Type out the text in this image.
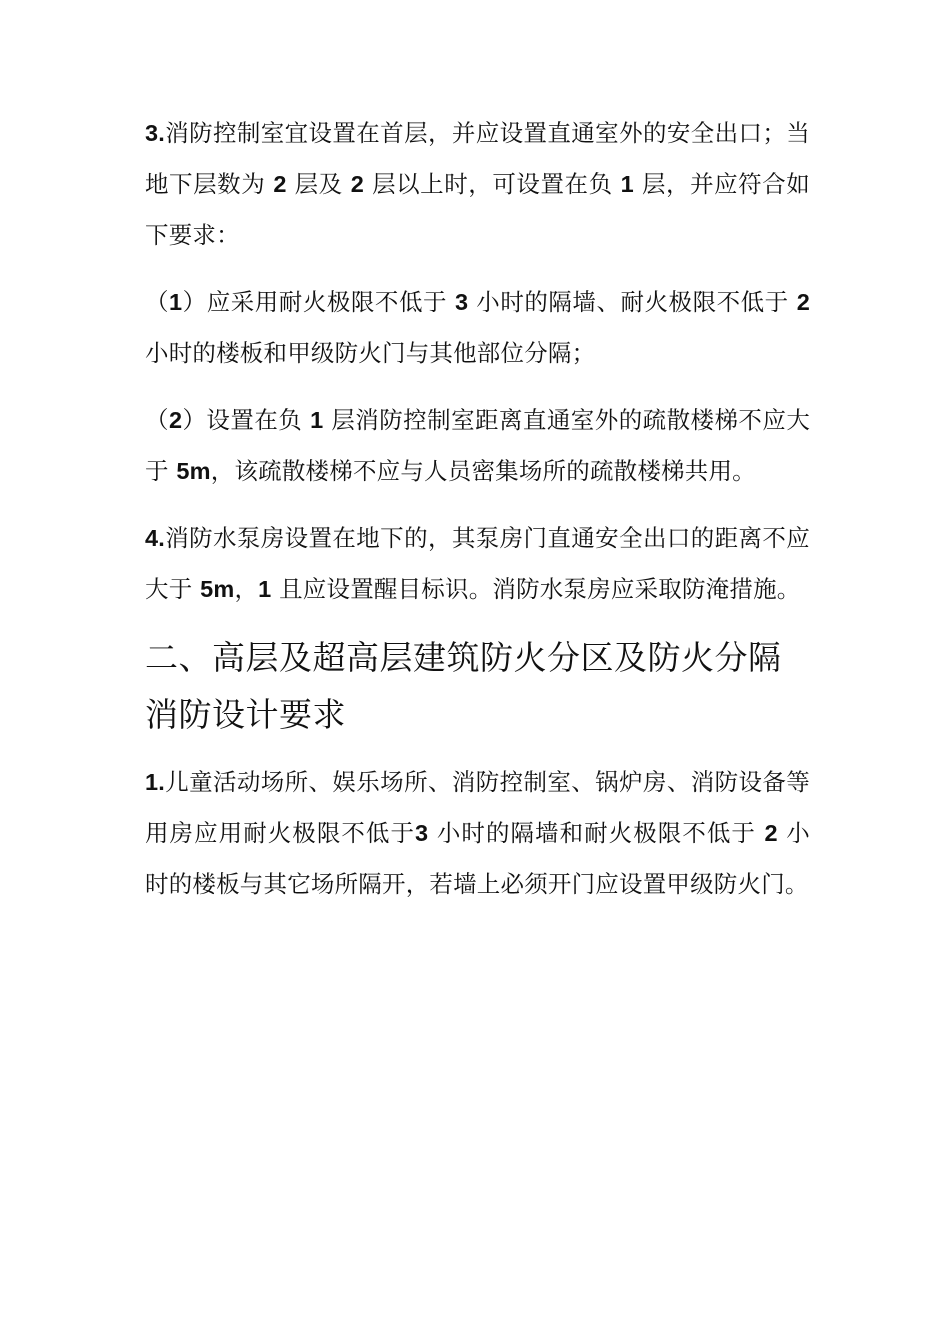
3.消防控制室宜设置在首层，并应设置直通室外的安全出口；当地下层数为 2 层及 2 层以上时，可设置在负 1 层，并应符合如下要求：

（1）应采用耐火极限不低于 3 小时的隔墙、耐火极限不低于 2 小时的楼板和甲级防火门与其他部位分隔；

（2）设置在负 1 层消防控制室距离直通室外的疏散楼梯不应大于 5m，该疏散楼梯不应与人员密集场所的疏散楼梯共用。

4.消防水泵房设置在地下的，其泵房门直通安全出口的距离不应大于 5m，1 且应设置醒目标识。消防水泵房应采取防淹措施。

二、高层及超高层建筑防火分区及防火分隔消防设计要求

1.儿童活动场所、娱乐场所、消防控制室、锅炉房、消防设备等用房应用耐火极限不低于3 小时的隔墙和耐火极限不低于 2 小时的楼板与其它场所隔开，若墙上必须开门应设置甲级防火门。
